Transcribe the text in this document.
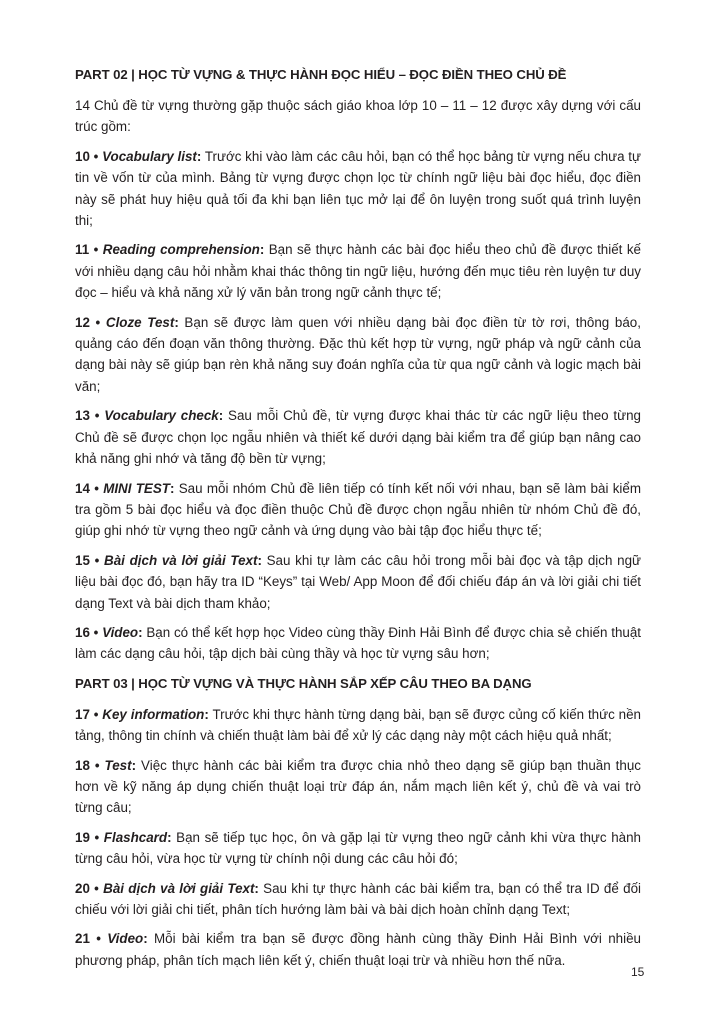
PART 02 | HỌC TỪ VỰNG & THỰC HÀNH ĐỌC HIỂU – ĐỌC ĐIỀN THEO CHỦ ĐỀ

14 Chủ đề từ vựng thường gặp thuộc sách giáo khoa lớp 10 – 11 – 12 được xây dựng với cấu trúc gồm:

10 • Vocabulary list: Trước khi vào làm các câu hỏi, bạn có thể học bảng từ vựng nếu chưa tự tin về vốn từ của mình. Bảng từ vựng được chọn lọc từ chính ngữ liệu bài đọc hiểu, đọc điền này sẽ phát huy hiệu quả tối đa khi bạn liên tục mở lại để ôn luyện trong suốt quá trình luyện thi;

11 • Reading comprehension: Bạn sẽ thực hành các bài đọc hiểu theo chủ đề được thiết kế với nhiều dạng câu hỏi nhằm khai thác thông tin ngữ liệu, hướng đến mục tiêu rèn luyện tư duy đọc – hiểu và khả năng xử lý văn bản trong ngữ cảnh thực tế;

12 • Cloze Test: Bạn sẽ được làm quen với nhiều dạng bài đọc điền từ tờ rơi, thông báo, quảng cáo đến đoạn văn thông thường. Đặc thù kết hợp từ vựng, ngữ pháp và ngữ cảnh của dạng bài này sẽ giúp bạn rèn khả năng suy đoán nghĩa của từ qua ngữ cảnh và logic mạch bài văn;

13 • Vocabulary check: Sau mỗi Chủ đề, từ vựng được khai thác từ các ngữ liệu theo từng Chủ đề sẽ được chọn lọc ngẫu nhiên và thiết kế dưới dạng bài kiểm tra để giúp bạn nâng cao khả năng ghi nhớ và tăng độ bền từ vựng;

14 • MINI TEST: Sau mỗi nhóm Chủ đề liên tiếp có tính kết nối với nhau, bạn sẽ làm bài kiểm tra gồm 5 bài đọc hiểu và đọc điền thuộc Chủ đề được chọn ngẫu nhiên từ nhóm Chủ đề đó, giúp ghi nhớ từ vựng theo ngữ cảnh và ứng dụng vào bài tập đọc hiểu thực tế;

15 • Bài dịch và lời giải Text: Sau khi tự làm các câu hỏi trong mỗi bài đọc và tập dịch ngữ liệu bài đọc đó, bạn hãy tra ID “Keys” tại Web/ App Moon để đối chiếu đáp án và lời giải chi tiết dạng Text và bài dịch tham khảo;

16 • Video: Bạn có thể kết hợp học Video cùng thầy Đinh Hải Bình để được chia sẻ chiến thuật làm các dạng câu hỏi, tập dịch bài cùng thầy và học từ vựng sâu hơn;

PART 03 | HỌC TỪ VỰNG VÀ THỰC HÀNH SẮP XẾP CÂU THEO BA DẠNG

17 • Key information: Trước khi thực hành từng dạng bài, bạn sẽ được củng cố kiến thức nền tảng, thông tin chính và chiến thuật làm bài để xử lý các dạng này một cách hiệu quả nhất;

18 • Test: Việc thực hành các bài kiểm tra được chia nhỏ theo dạng sẽ giúp bạn thuần thục hơn về kỹ năng áp dụng chiến thuật loại trừ đáp án, nắm mạch liên kết ý, chủ đề và vai trò từng câu;

19 • Flashcard: Bạn sẽ tiếp tục học, ôn và gặp lại từ vựng theo ngữ cảnh khi vừa thực hành từng câu hỏi, vừa học từ vựng từ chính nội dung các câu hỏi đó;

20 • Bài dịch và lời giải Text: Sau khi tự thực hành các bài kiểm tra, bạn có thể tra ID để đối chiếu với lời giải chi tiết, phân tích hướng làm bài và bài dịch hoàn chỉnh dạng Text;

21 • Video: Mỗi bài kiểm tra bạn sẽ được đồng hành cùng thầy Đinh Hải Bình với nhiều phương pháp, phân tích mạch liên kết ý, chiến thuật loại trừ và nhiều hơn thế nữa.

15
